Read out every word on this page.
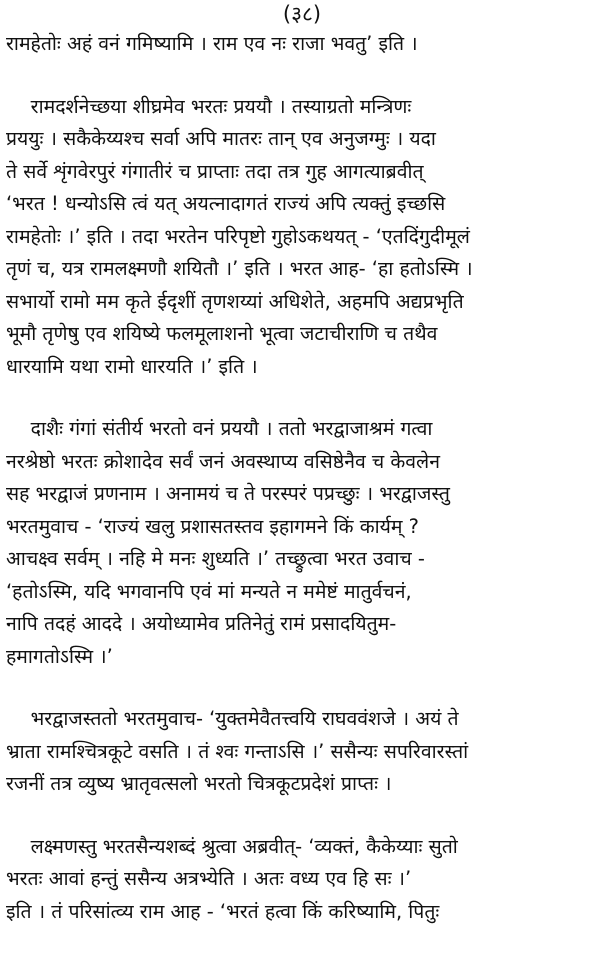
(३८)
रामहेतोः अहं वनं गमिष्यामि । राम एव नः राजा भवतु’ इति ।
रामदर्शनेच्छया शीघ्रमेव भरतः प्रययौ । तस्याग्रतो मन्त्रिणः
प्रययुः । सकैकेय्यश्च सर्वा अपि मातरः तान् एव अनुजग्मुः । यदा
ते सर्वे शृंगवेरपुरं गंगातीरं च प्राप्ताः तदा तत्र गुह आगत्याब्रवीत्
‘भरत ! धन्योऽसि त्वं यत् अयत्नादागतं राज्यं अपि त्यक्तुं इच्छसि
रामहेतोः ।’ इति । तदा भरतेन परिपृष्टो गुहोऽकथयत् - ‘एतदिंगुदीमूलं
तृणं च, यत्र रामलक्ष्मणौ शयितौ ।’ इति । भरत आह- ‘हा हतोऽस्मि ।
सभार्यो रामो मम कृते ईदृशीं तृणशय्यां अधिशेते, अहमपि अद्यप्रभृति
भूमौ तृणेषु एव शयिष्ये फलमूलाशनो भूत्वा जटाचीराणि च तथैव
धारयामि यथा रामो धारयति ।’ इति ।
दाशैः गंगां संतीर्य भरतो वनं प्रययौ । ततो भरद्वाजाश्रमं गत्वा
नरश्रेष्ठो भरतः क्रोशादेव सर्वं जनं अवस्थाप्य वसिष्ठेनैव च केवलेन
सह भरद्वाजं प्रणनाम । अनामयं च ते परस्परं पप्रच्छुः । भरद्वाजस्तु
भरतमुवाच - ‘राज्यं खलु प्रशासतस्तव इहागमने किं कार्यम् ?
आचक्ष्व सर्वम् । नहि मे मनः शुध्यति ।’ तच्छ्रुत्वा भरत उवाच -
‘हतोऽस्मि, यदि भगवानपि एवं मां मन्यते न ममेष्टं मातुर्वचनं,
नापि तदहं आददे । अयोध्यामेव प्रतिनेतुं रामं प्रसादयितुम-
हमागतोऽस्मि ।’
भरद्वाजस्ततो भरतमुवाच- ‘युक्तमेवैतत्त्वयि राघववंशजे । अयं ते
भ्राता रामश्चित्रकूटे वसति । तं श्वः गन्ताऽसि ।’ ससैन्यः सपरिवारस्तां
रजनीं तत्र व्युष्य भ्रातृवत्सलो भरतो चित्रकूटप्रदेशं प्राप्तः ।
लक्ष्मणस्तु भरतसैन्यशब्दं श्रुत्वा अब्रवीत्- ‘व्यक्तं, कैकेय्याः सुतो
भरतः आवां हन्तुं ससैन्य अत्रभ्येति । अतः वध्य एव हि सः ।’
इति । तं परिसांत्व्य राम आह - ‘भरतं हत्वा किं करिष्यामि, पितुः
